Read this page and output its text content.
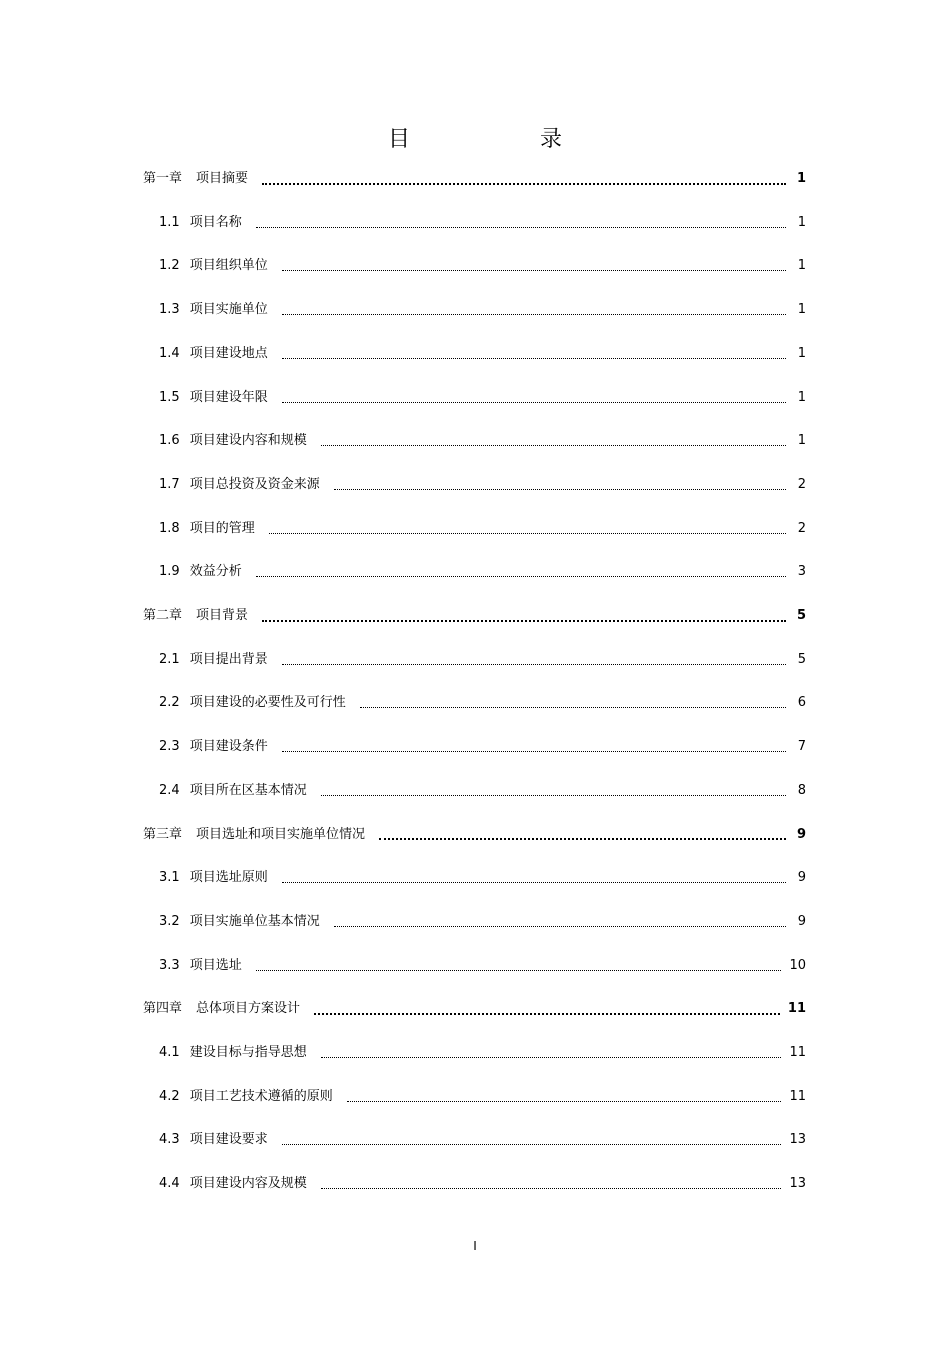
目　录
第一章 项目摘要	1
1.1 项目名称	1
1.2 项目组织单位	1
1.3 项目实施单位	1
1.4 项目建设地点	1
1.5 项目建设年限	1
1.6 项目建设内容和规模	1
1.7 项目总投资及资金来源	2
1.8 项目的管理	2
1.9 效益分析	3
第二章 项目背景	5
2.1 项目提出背景	5
2.2 项目建设的必要性及可行性	6
2.3 项目建设条件	7
2.4 项目所在区基本情况	8
第三章 项目选址和项目实施单位情况	9
3.1 项目选址原则	9
3.2 项目实施单位基本情况	9
3.3 项目选址	10
第四章 总体项目方案设计	11
4.1 建设目标与指导思想	11
4.2 项目工艺技术遵循的原则	11
4.3 项目建设要求	13
4.4 项目建设内容及规模	13
I
